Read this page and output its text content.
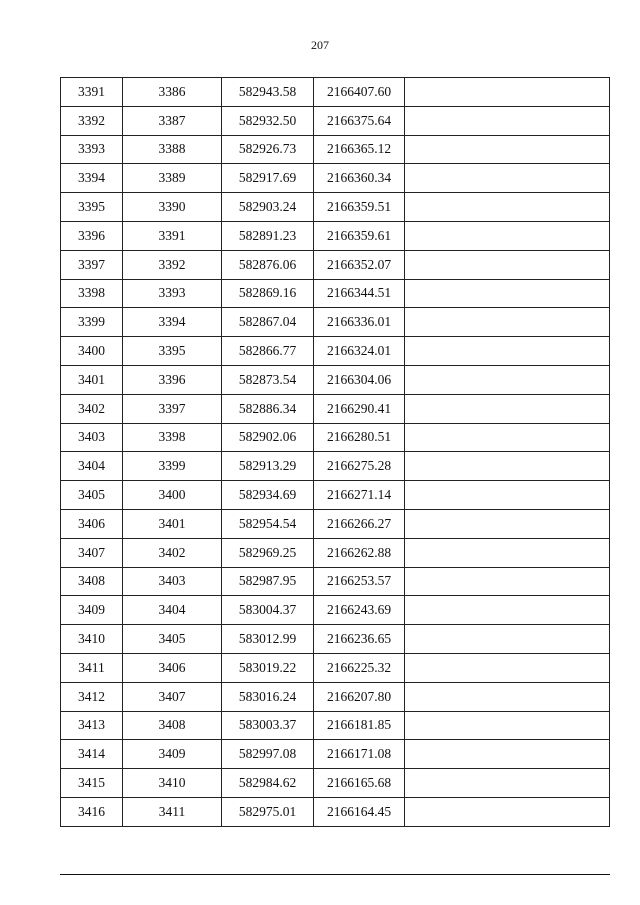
207
3391	3386	582943.58	2166407.60	
3392	3387	582932.50	2166375.64	
3393	3388	582926.73	2166365.12	
3394	3389	582917.69	2166360.34	
3395	3390	582903.24	2166359.51	
3396	3391	582891.23	2166359.61	
3397	3392	582876.06	2166352.07	
3398	3393	582869.16	2166344.51	
3399	3394	582867.04	2166336.01	
3400	3395	582866.77	2166324.01	
3401	3396	582873.54	2166304.06	
3402	3397	582886.34	2166290.41	
3403	3398	582902.06	2166280.51	
3404	3399	582913.29	2166275.28	
3405	3400	582934.69	2166271.14	
3406	3401	582954.54	2166266.27	
3407	3402	582969.25	2166262.88	
3408	3403	582987.95	2166253.57	
3409	3404	583004.37	2166243.69	
3410	3405	583012.99	2166236.65	
3411	3406	583019.22	2166225.32	
3412	3407	583016.24	2166207.80	
3413	3408	583003.37	2166181.85	
3414	3409	582997.08	2166171.08	
3415	3410	582984.62	2166165.68	
3416	3411	582975.01	2166164.45	
